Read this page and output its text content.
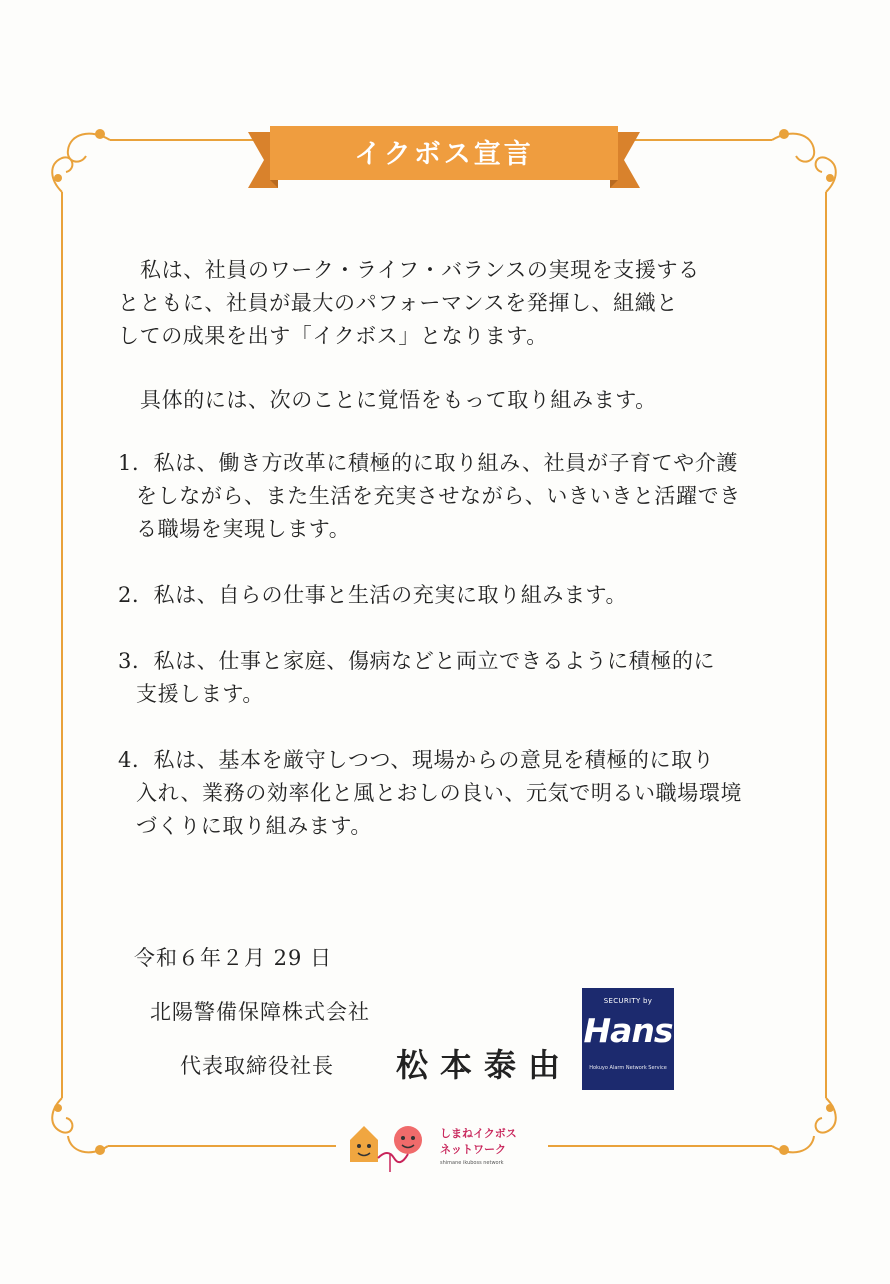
イクボス宣言
私は、社員のワーク・ライフ・バランスの実現を支援する
とともに、社員が最大のパフォーマンスを発揮し、組織と
しての成果を出す「イクボス」となります。
具体的には、次のことに覚悟をもって取り組みます。
1．私は、働き方改革に積極的に取り組み、社員が子育てや介護
をしながら、また生活を充実させながら、いきいきと活躍でき
る職場を実現します。
2．私は、自らの仕事と生活の充実に取り組みます。
3．私は、仕事と家庭、傷病などと両立できるように積極的に
支援します。
4．私は、基本を厳守しつつ、現場からの意見を積極的に取り
入れ、業務の効率化と風とおしの良い、元気で明るい職場環境
づくりに取り組みます。
令和６年２月 29 日
北陽警備保障株式会社
代表取締役社長 松本泰由
SECURITY by
Hans
Hokuyo Alarm Network Service
しまねイクボス
ネットワーク
shimane ikuboss network
